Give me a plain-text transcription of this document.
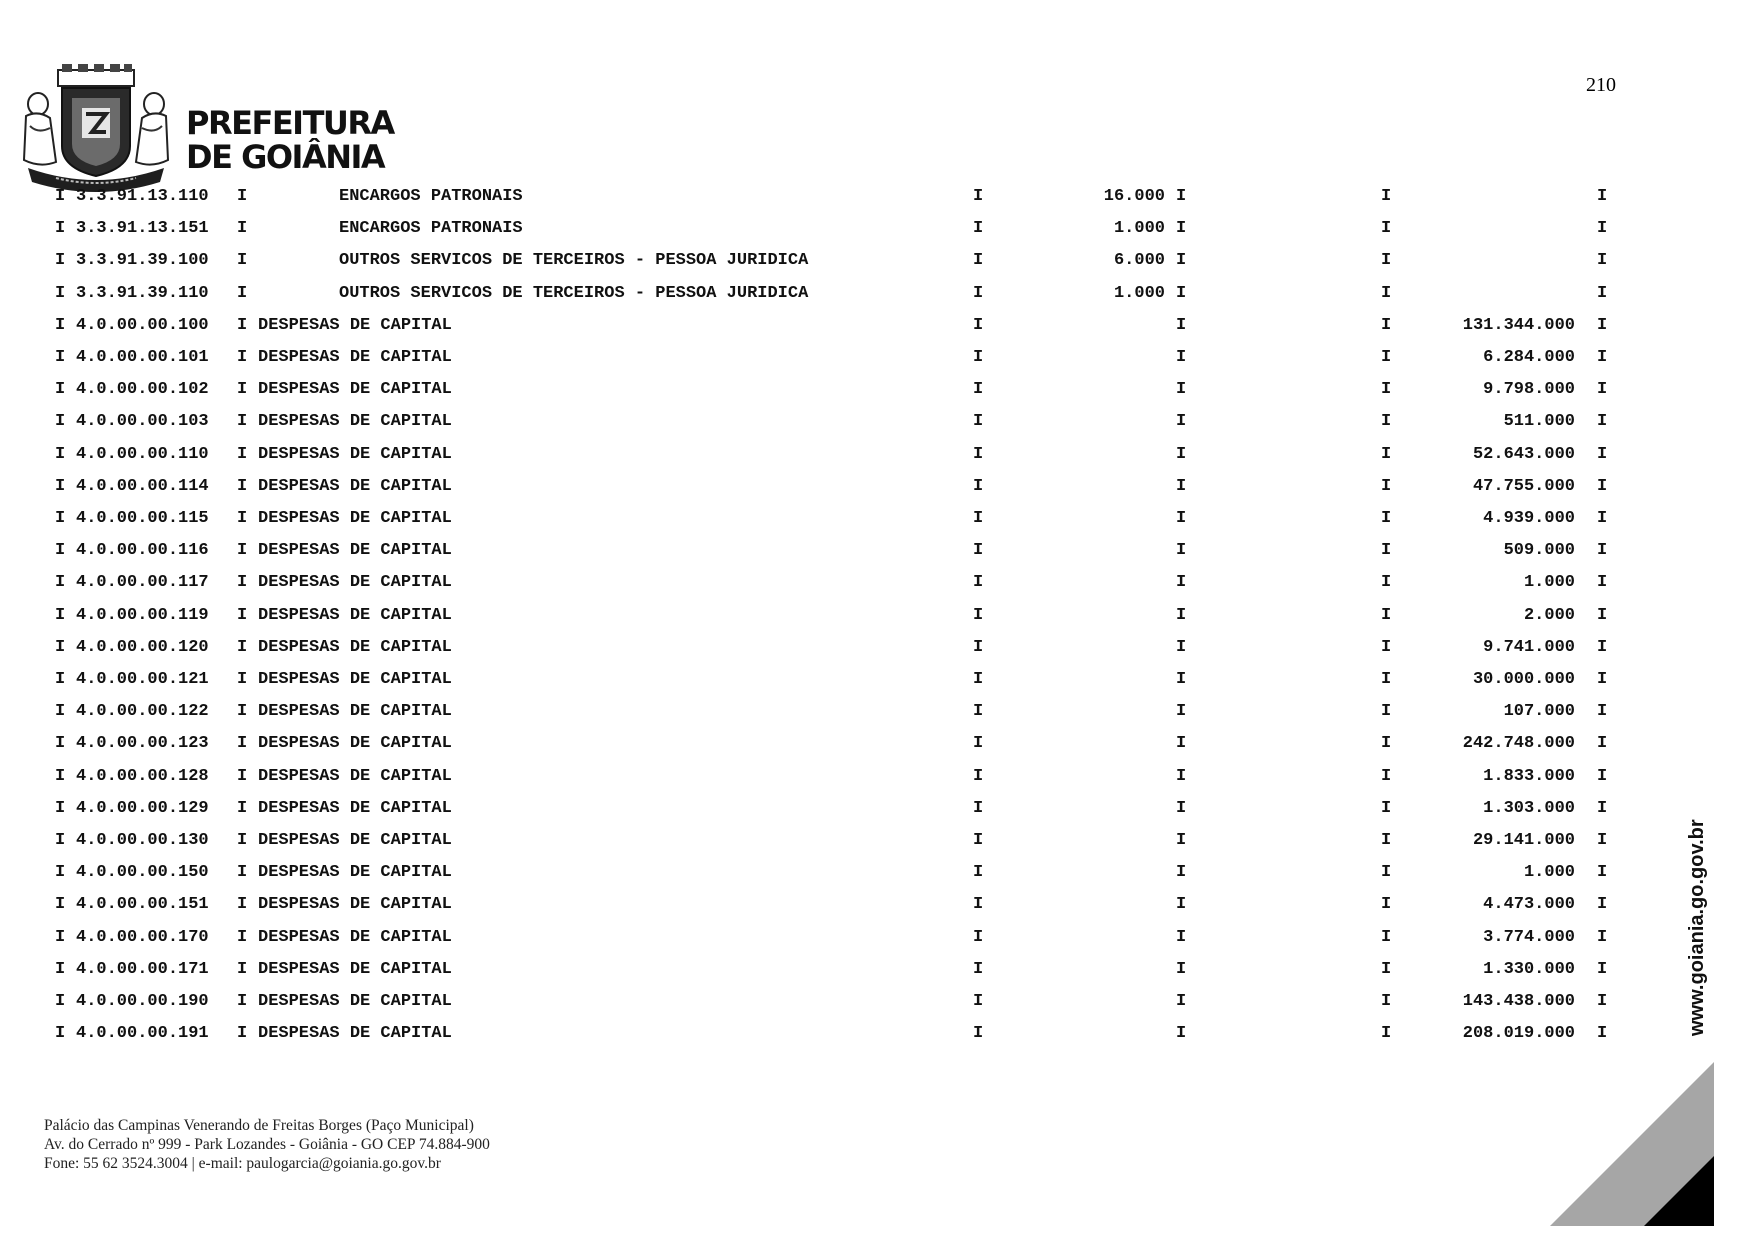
210
PREFEITURA
DE GOIÂNIA
I 3.3.91.13.110 I	ENCARGOS PATRONAIS	I	16.000 I	I	I
I 3.3.91.13.151 I	ENCARGOS PATRONAIS	I	1.000 I	I	I
I 3.3.91.39.100 I	OUTROS SERVICOS DE TERCEIROS - PESSOA JURIDICA	I	6.000 I	I	I
I 3.3.91.39.110 I	OUTROS SERVICOS DE TERCEIROS - PESSOA JURIDICA	I	1.000 I	I	I
I 4.0.00.00.100 I DESPESAS DE CAPITAL	I	I	I	131.344.000 I
I 4.0.00.00.101 I DESPESAS DE CAPITAL	I	I	I	6.284.000 I
I 4.0.00.00.102 I DESPESAS DE CAPITAL	I	I	I	9.798.000 I
I 4.0.00.00.103 I DESPESAS DE CAPITAL	I	I	I	511.000 I
I 4.0.00.00.110 I DESPESAS DE CAPITAL	I	I	I	52.643.000 I
I 4.0.00.00.114 I DESPESAS DE CAPITAL	I	I	I	47.755.000 I
I 4.0.00.00.115 I DESPESAS DE CAPITAL	I	I	I	4.939.000 I
I 4.0.00.00.116 I DESPESAS DE CAPITAL	I	I	I	509.000 I
I 4.0.00.00.117 I DESPESAS DE CAPITAL	I	I	I	1.000 I
I 4.0.00.00.119 I DESPESAS DE CAPITAL	I	I	I	2.000 I
I 4.0.00.00.120 I DESPESAS DE CAPITAL	I	I	I	9.741.000 I
I 4.0.00.00.121 I DESPESAS DE CAPITAL	I	I	I	30.000.000 I
I 4.0.00.00.122 I DESPESAS DE CAPITAL	I	I	I	107.000 I
I 4.0.00.00.123 I DESPESAS DE CAPITAL	I	I	I	242.748.000 I
I 4.0.00.00.128 I DESPESAS DE CAPITAL	I	I	I	1.833.000 I
I 4.0.00.00.129 I DESPESAS DE CAPITAL	I	I	I	1.303.000 I
I 4.0.00.00.130 I DESPESAS DE CAPITAL	I	I	I	29.141.000 I
I 4.0.00.00.150 I DESPESAS DE CAPITAL	I	I	I	1.000 I
I 4.0.00.00.151 I DESPESAS DE CAPITAL	I	I	I	4.473.000 I
I 4.0.00.00.170 I DESPESAS DE CAPITAL	I	I	I	3.774.000 I
I 4.0.00.00.171 I DESPESAS DE CAPITAL	I	I	I	1.330.000 I
I 4.0.00.00.190 I DESPESAS DE CAPITAL	I	I	I	143.438.000 I
I 4.0.00.00.191 I DESPESAS DE CAPITAL	I	I	I	208.019.000 I	www.goiania.go.gov.br
Palácio das Campinas Venerando de Freitas Borges (Paço Municipal)
Av. do Cerrado nº 999 - Park Lozandes - Goiânia - GO CEP 74.884-900
Fone: 55 62 3524.3004 | e-mail: paulogarcia@goiania.go.gov.br
